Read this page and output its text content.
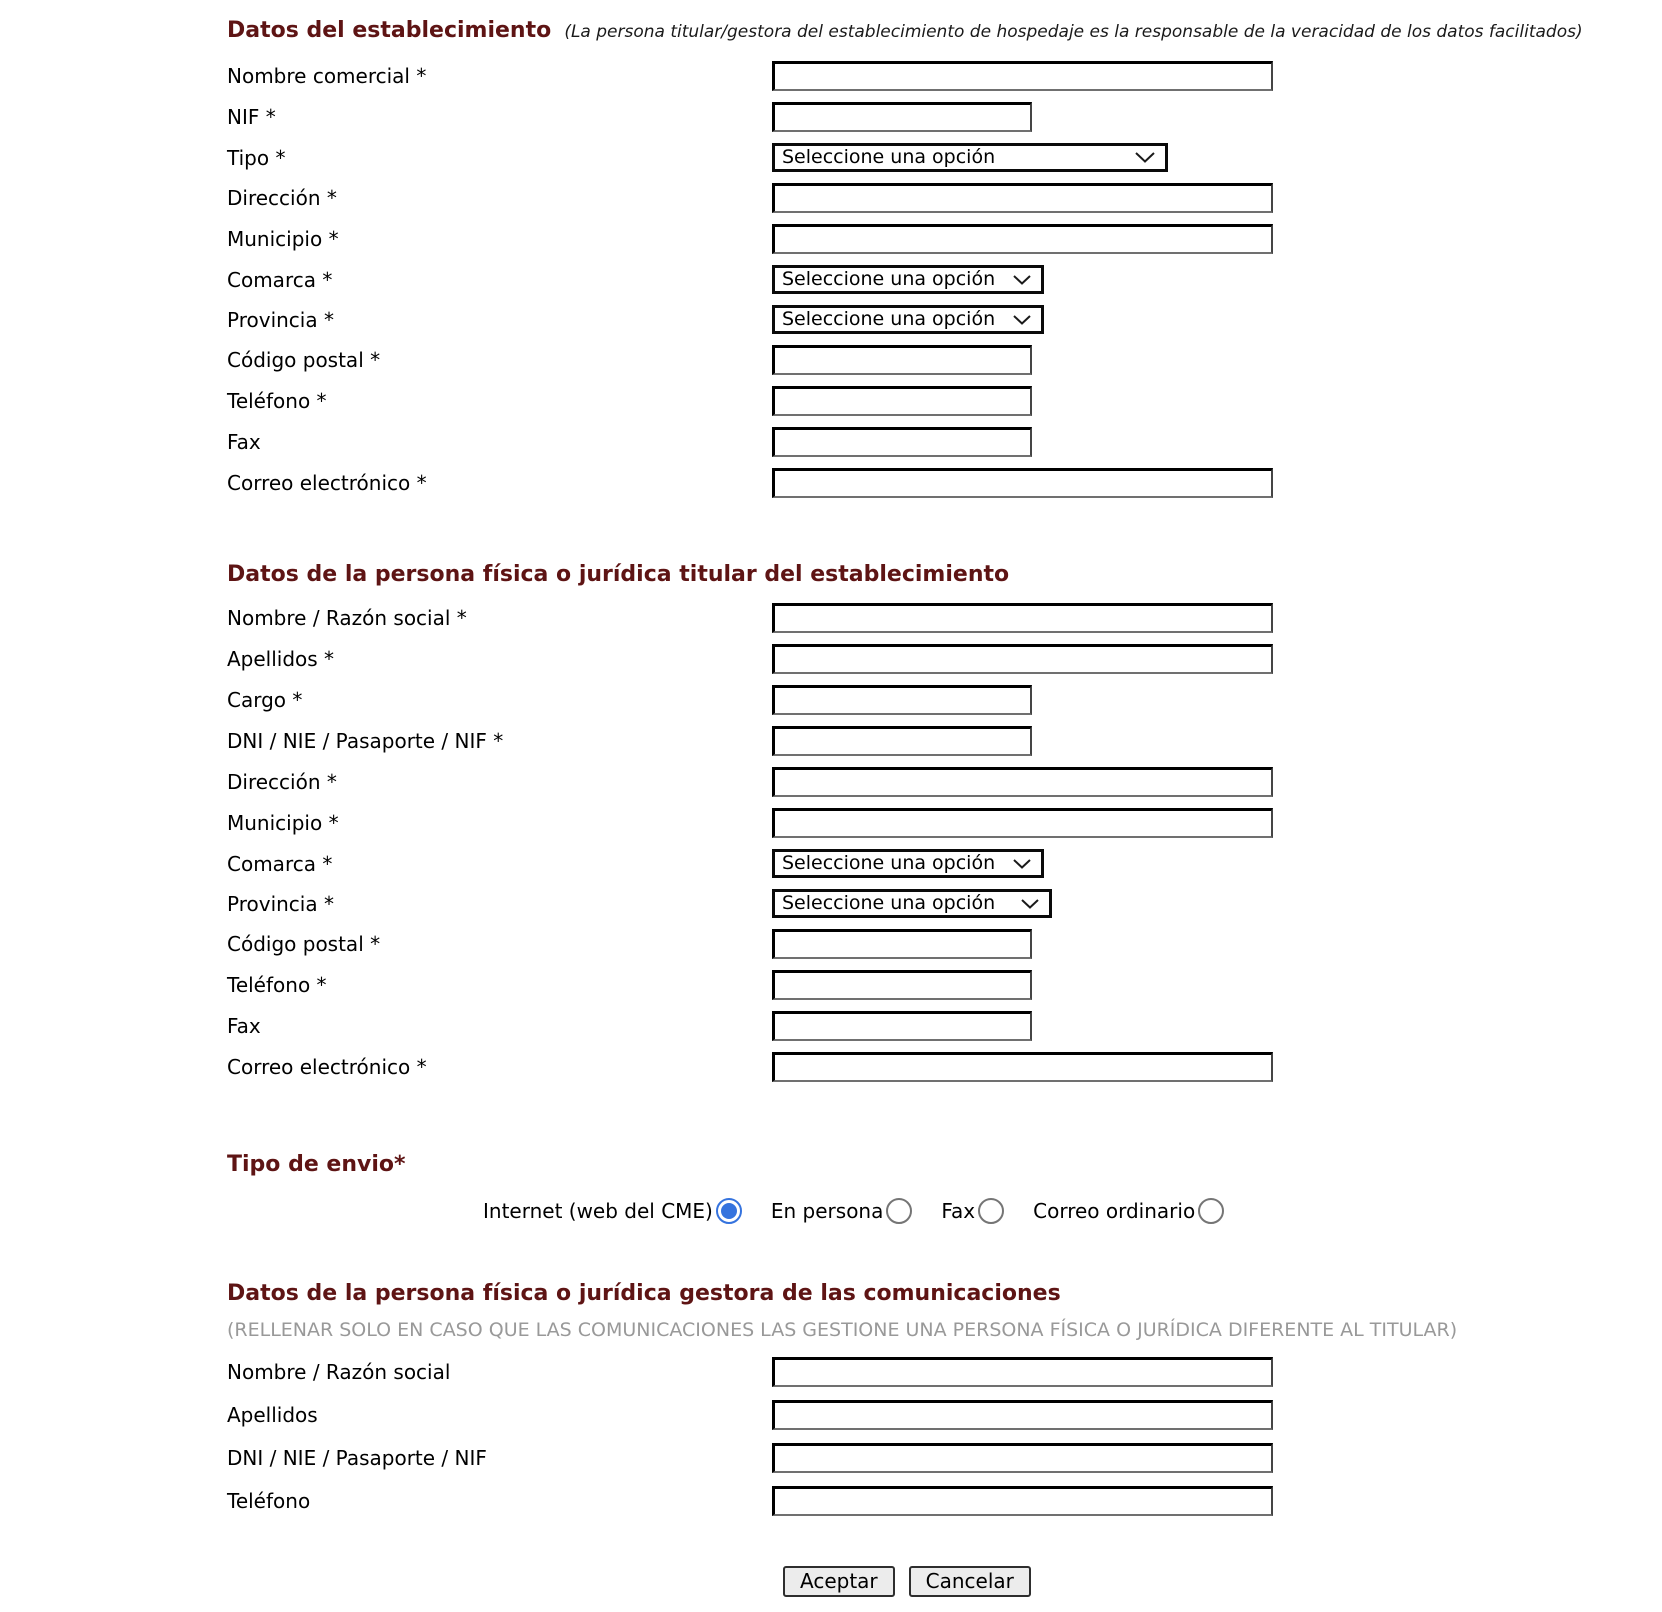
Datos del establecimiento (La persona titular/gestora del establecimiento de hospedaje es la responsable de la veracidad de los datos facilitados)
Nombre comercial *
NIF *
Tipo *	Seleccione una opción
Dirección *
Municipio *
Comarca *	Seleccione una opción
Provincia *	Seleccione una opción
Código postal *
Teléfono *
Fax
Correo electrónico *
Datos de la persona física o jurídica titular del establecimiento
Nombre / Razón social *
Apellidos *
Cargo *
DNI / NIE / Pasaporte / NIF *
Dirección *
Municipio *
Comarca *	Seleccione una opción
Provincia *	Seleccione una opción
Código postal *
Teléfono *
Fax
Correo electrónico *
Tipo de envio*
Internet (web del CME)	En persona	Fax	Correo ordinario
Datos de la persona física o jurídica gestora de las comunicaciones
(RELLENAR SOLO EN CASO QUE LAS COMUNICACIONES LAS GESTIONE UNA PERSONA FÍSICA O JURÍDICA DIFERENTE AL TITULAR)
Nombre / Razón social
Apellidos
DNI / NIE / Pasaporte / NIF
Teléfono
Aceptar	Cancelar
